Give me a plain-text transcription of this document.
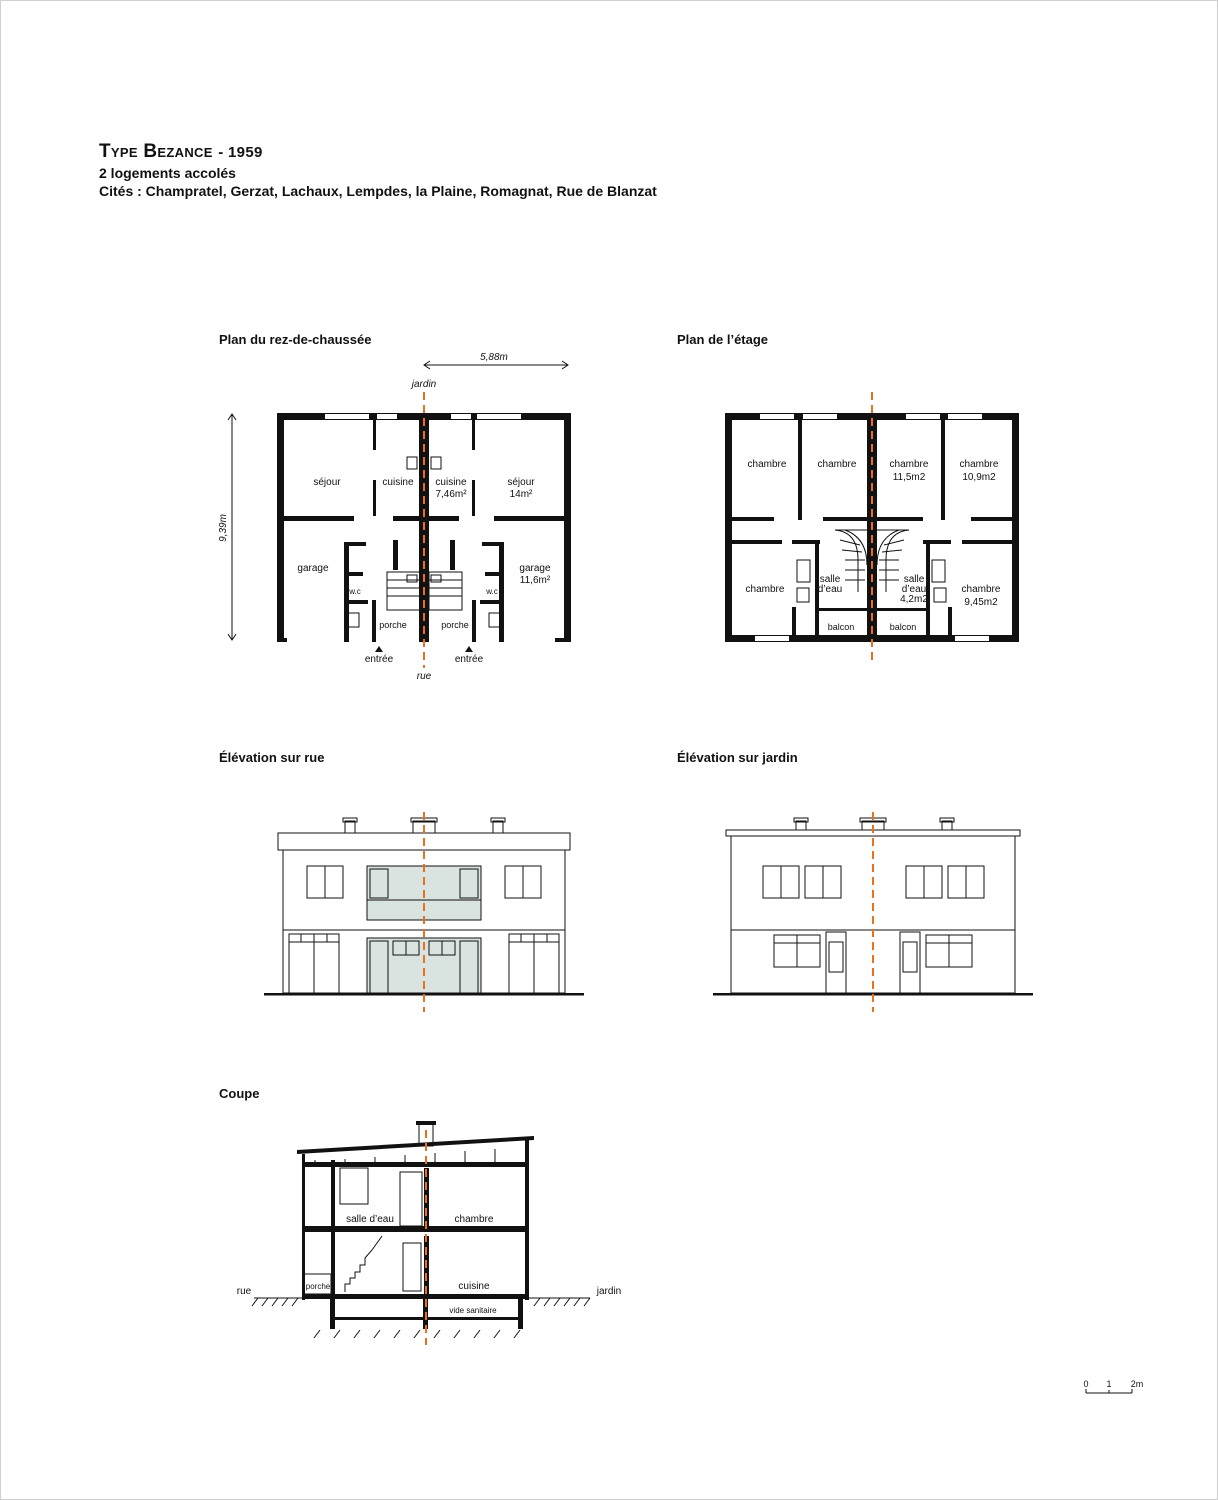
Type Bezance - 1959

2 logements accolés

Cités : Champratel, Gerzat, Lachaux, Lempdes, la Plaine, Romagnat, Rue de Blanzat

Plan du rez-de-chaussée	Plan de l’étage
Élévation sur rue	Élévation sur jardin
Coupe
5,88m
9,39m
jardin
rue
séjour	cuisine cuisine
7,46m²
séjour
14m²
garage	garage
11,6m²
w.c	w.c
porche	porche
entrée	entrée
chambre	chambre	chambre
11,5m2
chambre
10,9m2
chambre
salle
d’eau
salle
d’eau
4,2m2
chambre
9,45m2
balcon	balcon
salle d’eau	chambre
rue	porche	cuisine	jardin
vide sanitaire
0 1 2m
